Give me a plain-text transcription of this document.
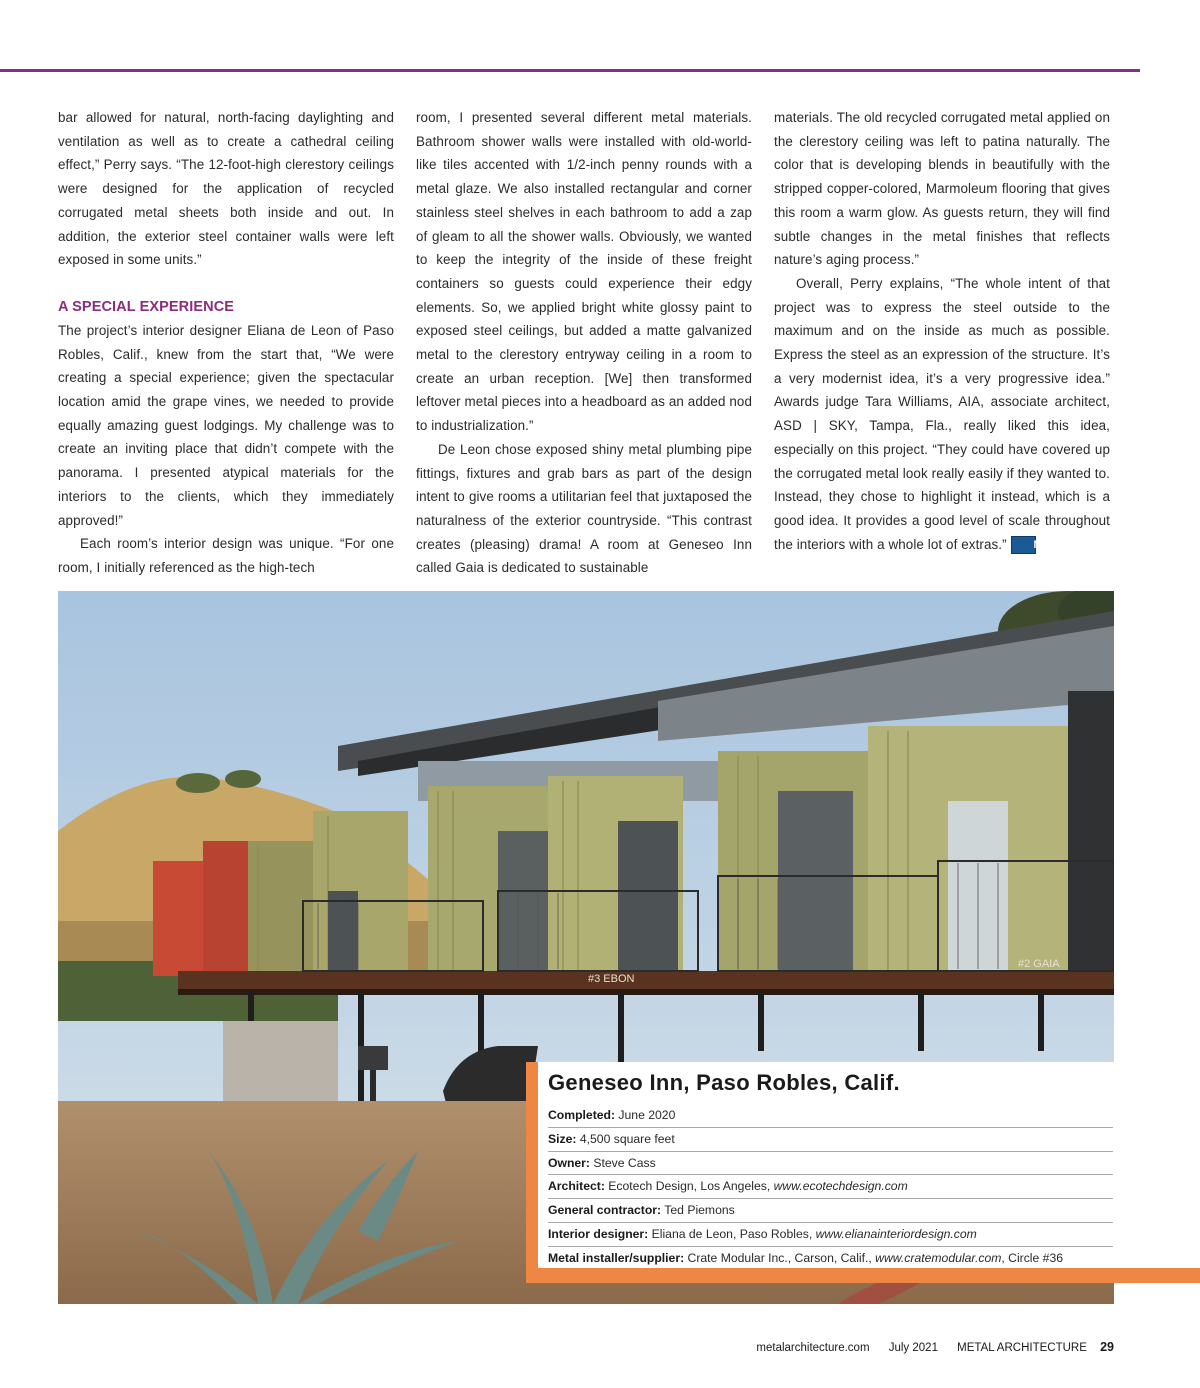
bar allowed for natural, north-facing daylighting and ventilation as well as to create a cathedral ceiling effect,” Perry says. “The 12-foot-high clerestory ceilings were designed for the application of recycled corrugated metal sheets both inside and out. In addition, the exterior steel container walls were left exposed in some units.”

A SPECIAL EXPERIENCE

The project’s interior designer Eliana de Leon of Paso Robles, Calif., knew from the start that, “We were creating a special experience; given the spectacular location amid the grape vines, we needed to provide equally amazing guest lodgings. My challenge was to create an inviting place that didn’t compete with the panorama. I presented atypical materials for the interiors to the clients, which they immediately approved!”

Each room’s interior design was unique. “For one room, I initially referenced as the high-tech

room, I presented several different metal materials. Bathroom shower walls were installed with old-world-like tiles accented with 1/2-inch penny rounds with a metal glaze. We also installed rectangular and corner stainless steel shelves in each bathroom to add a zap of gleam to all the shower walls. Obviously, we wanted to keep the integrity of the inside of these freight containers so guests could experience their edgy elements. So, we applied bright white glossy paint to exposed steel ceilings, but added a matte galvanized metal to the clerestory entryway ceiling in a room to create an urban reception. [We] then transformed leftover metal pieces into a headboard as an added nod to industrialization.”

De Leon chose exposed shiny metal plumbing pipe fittings, fixtures and grab bars as part of the design intent to give rooms a utilitarian feel that juxtaposed the naturalness of the exterior countryside. “This contrast creates (pleasing) drama! A room at Geneseo Inn called Gaia is dedicated to sustainable

materials. The old recycled corrugated metal applied on the clerestory ceiling was left to patina naturally. The color that is developing blends in beautifully with the stripped copper-colored, Marmoleum flooring that gives this room a warm glow. As guests return, they will find subtle changes in the metal finishes that reflects nature’s aging process.”

Overall, Perry explains, “The whole intent of that project was to express the steel outside to the maximum and on the inside as much as possible. Express the steel as an expression of the structure. It’s a very modernist idea, it’s a very progressive idea.” Awards judge Tara Williams, AIA, associate architect, ASD | SKY, Tampa, Fla., really liked this idea, especially on this project. “They could have covered up the corrugated metal look really easily if they wanted to. Instead, they chose to highlight it instead, which is a good idea. It provides a good level of scale throughout the interiors with a whole lot of extras.” Ma

#3 EBON
#2 GAIA
Geneseo Inn, Paso Robles, Calif.
Completed: June 2020
Size: 4,500 square feet
Owner: Steve Cass
Architect: Ecotech Design, Los Angeles, www.ecotechdesign.com
General contractor: Ted Piemons
Interior designer: Eliana de Leon, Paso Robles, www.elianainteriordesign.com
Metal installer/supplier: Crate Modular Inc., Carson, Calif., www.cratemodular.com, Circle #36
metalarchitecture.com July 2021 METAL ARCHITECTURE 29
